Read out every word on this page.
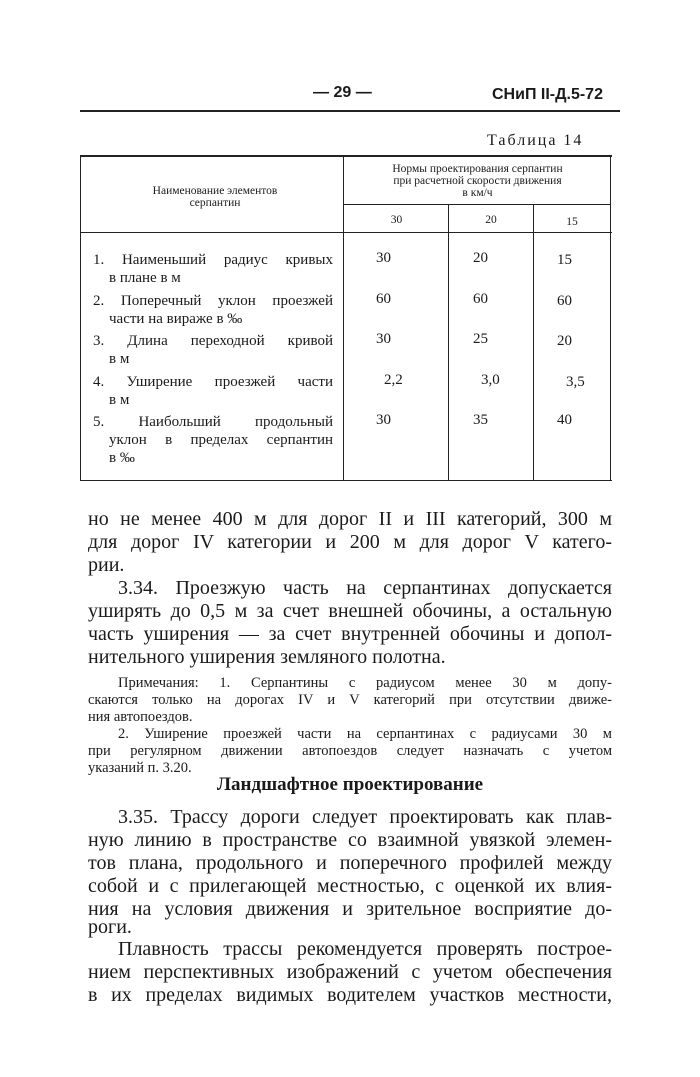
— 29 —	СНиП II-Д.5-72
Таблица 14
Наименование элементов
серпантин
Нормы проектирования серпантин
при расчетной скорости движения
в км/ч
30	20	15
1. Наименьший радиус кривых
в плане в м
30	20	15
2. Поперечный уклон проезжей
части на вираже в ‰
60	60	60
3. Длина переходной кривой
в м
30	25	20
4. Уширение проезжей части
в м
2,2	3,0	3,5
5. Наибольший продольный
уклон в пределах серпантин
в ‰
30	35	40
но не менее 400 м для дорог II и III категорий, 300 м
для дорог IV категории и 200 м для дорог V катего-
рии.
3.34. Проезжую часть на серпантинах допускается
уширять до 0,5 м за счет внешней обочины, а остальную
часть уширения — за счет внутренней обочины и допол-
нительного уширения земляного полотна.
Примечания: 1. Серпантины с радиусом менее 30 м допу-
скаются только на дорогах IV и V категорий при отсутствии движе-
ния автопоездов.
2. Уширение проезжей части на серпантинах с радиусами 30 м
при регулярном движении автопоездов следует назначать с учетом
указаний п. 3.20.
Ландшафтное проектирование
3.35. Трассу дороги следует проектировать как плав-
ную линию в пространстве со взаимной увязкой элемен-
тов плана, продольного и поперечного профилей между
собой и с прилегающей местностью, с оценкой их влия-
ния на условия движения и зрительное восприятие до-
роги.
Плавность трассы рекомендуется проверять построе-
нием перспективных изображений с учетом обеспечения
в их пределах видимых водителем участков местности,
